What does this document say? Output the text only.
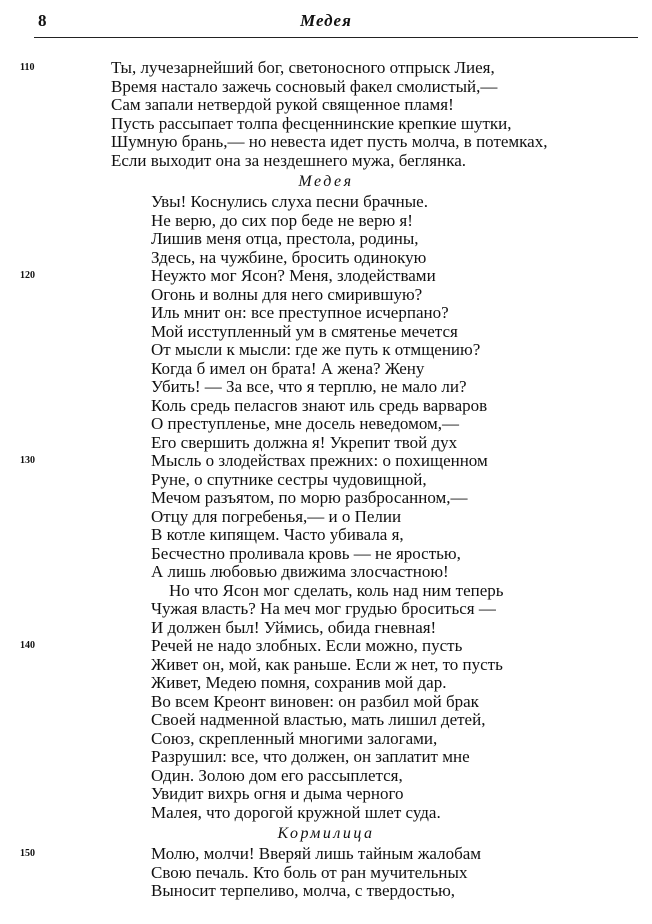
8	Медея
110	Ты, лучезарнейший бог, светоносного отпрыск Лиея,
Время настало зажечь сосновый факел смолистый,—
Сам запали нетвердой рукой священное пламя!
Пусть рассыпает толпа фесценнинские крепкие шутки,
Шумную брань,— но невеста идет пусть молча, в потемках,
Если выходит она за нездешнего мужа, беглянка.
Медея
Увы! Коснулись слуха песни брачные.
Не верю, до сих пор беде не верю я!
Лишив меня отца, престола, родины,
Здесь, на чужбине, бросить одинокую
120	Неужто мог Ясон? Меня, злодействами
Огонь и волны для него смирившую?
Иль мнит он: все преступное исчерпано?
Мой исступленный ум в смятенье мечется
От мысли к мысли: где же путь к отмщению?
Когда б имел он брата! А жена? Жену
Убить! — За все, что я терплю, не мало ли?
Коль средь пеласгов знают иль средь варваров
О преступленье, мне досель неведомом,—
Его свершить должна я! Укрепит твой дух
130	Мысль о злодействах прежних: о похищенном
Руне, о спутнике сестры чудовищной,
Мечом разъятом, по морю разбросанном,—
Отцу для погребенья,— и о Пелии
В котле кипящем. Часто убивала я,
Бесчестно проливала кровь — не яростью,
А лишь любовью движима злосчастною!
Но что Ясон мог сделать, коль над ним теперь
Чужая власть? На меч мог грудью броситься —
И должен был! Уймись, обида гневная!
140	Речей не надо злобных. Если можно, пусть
Живет он, мой, как раньше. Если ж нет, то пусть
Живет, Медею помня, сохранив мой дар.
Во всем Креонт виновен: он разбил мой брак
Своей надменной властью, мать лишил детей,
Союз, скрепленный многими залогами,
Разрушил: все, что должен, он заплатит мне
Один. Золою дом его рассыплется,
Увидит вихрь огня и дыма черного
Малея, что дорогой кружной шлет суда.
Кормилица
150	Молю, молчи! Вверяй лишь тайным жалобам
Свою печаль. Кто боль от ран мучительных
Выносит терпеливо, молча, с твердостью,
